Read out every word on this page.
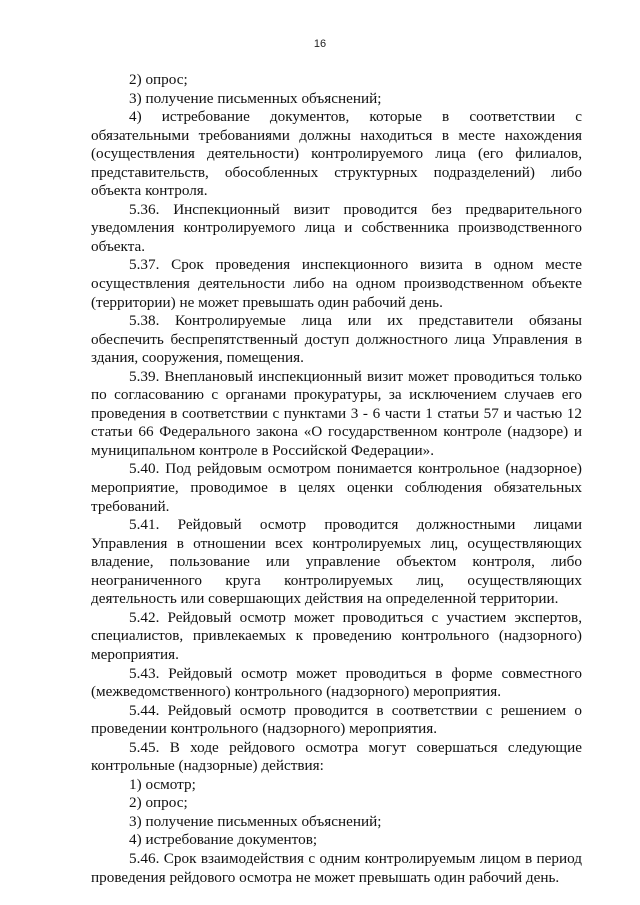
16

2) опрос;

3) получение письменных объяснений;

4) истребование документов, которые в соответствии с обязательными требованиями должны находиться в месте нахождения (осуществления деятельности) контролируемого лица (его филиалов, представительств, обособленных структурных подразделений) либо объекта контроля.

5.36. Инспекционный визит проводится без предварительного уведомления контролируемого лица и собственника производственного объекта.

5.37. Срок проведения инспекционного визита в одном месте осуществления деятельности либо на одном производственном объекте (территории) не может превышать один рабочий день.

5.38. Контролируемые лица или их представители обязаны обеспечить беспрепятственный доступ должностного лица Управления в здания, сооружения, помещения.

5.39. Внеплановый инспекционный визит может проводиться только по согласованию с органами прокуратуры, за исключением случаев его проведения в соответствии с пунктами 3 - 6 части 1 статьи 57 и частью 12 статьи 66 Федерального закона «О государственном контроле (надзоре) и муниципальном контроле в Российской Федерации».

5.40. Под рейдовым осмотром понимается контрольное (надзорное) мероприятие, проводимое в целях оценки соблюдения обязательных требований.

5.41. Рейдовый осмотр проводится должностными лицами Управления в отношении всех контролируемых лиц, осуществляющих владение, пользование или управление объектом контроля, либо неограниченного круга контролируемых лиц, осуществляющих деятельность или совершающих действия на определенной территории.

5.42. Рейдовый осмотр может проводиться с участием экспертов, специалистов, привлекаемых к проведению контрольного (надзорного) мероприятия.

5.43. Рейдовый осмотр может проводиться в форме совместного (межведомственного) контрольного (надзорного) мероприятия.

5.44. Рейдовый осмотр проводится в соответствии с решением о проведении контрольного (надзорного) мероприятия.

5.45. В ходе рейдового осмотра могут совершаться следующие контрольные (надзорные) действия:

1) осмотр;

2) опрос;

3) получение письменных объяснений;

4) истребование документов;

5.46. Срок взаимодействия с одним контролируемым лицом в период проведения рейдового осмотра не может превышать один рабочий день.
